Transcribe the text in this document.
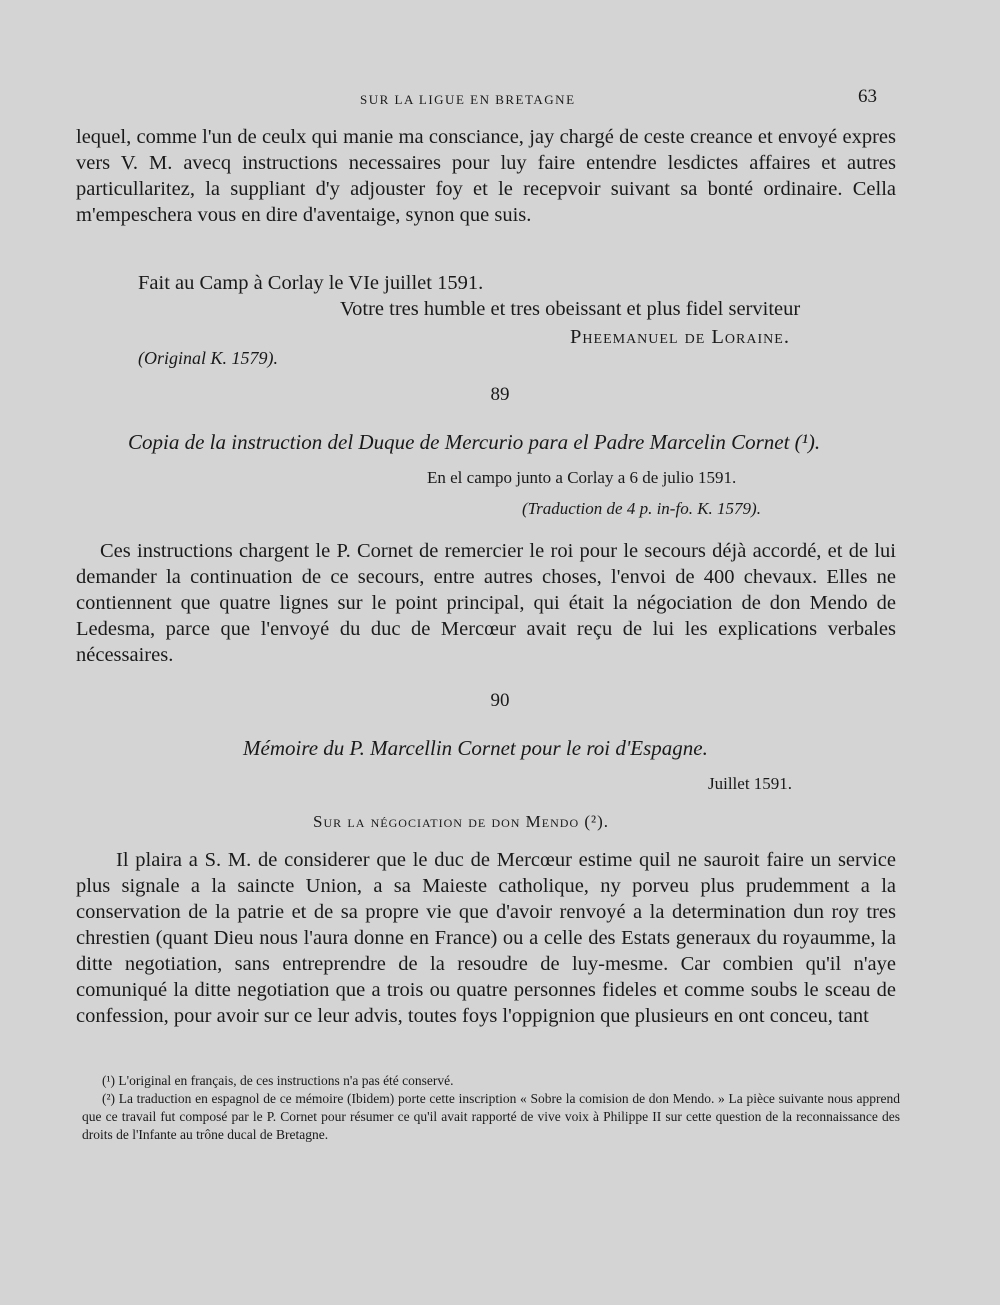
SUR LA LIGUE EN BRETAGNE	63

lequel, comme l'un de ceulx qui manie ma consciance, jay chargé de ceste creance et envoyé expres vers V. M. avecq instructions necessaires pour luy faire entendre lesdictes affaires et autres particullaritez, la suppliant d'y adjouster foy et le recepvoir suivant sa bonté ordinaire. Cella m'empeschera vous en dire d'aventaige, synon que suis.

Fait au Camp à Corlay le VIe juillet 1591.
Votre tres humble et tres obeissant et plus fidel serviteur
Pheemanuel de Loraine.
(Original K. 1579).
89
Copia de la instruction del Duque de Mercurio para el Padre Marcelin Cornet (¹).
En el campo junto a Corlay a 6 de julio 1591.
(Traduction de 4 p. in-fo. K. 1579).

Ces instructions chargent le P. Cornet de remercier le roi pour le secours déjà accordé, et de lui demander la continuation de ce secours, entre autres choses, l'envoi de 400 chevaux. Elles ne contiennent que quatre lignes sur le point principal, qui était la négociation de don Mendo de Ledesma, parce que l'envoyé du duc de Mercœur avait reçu de lui les explications verbales nécessaires.

90
Mémoire du P. Marcellin Cornet pour le roi d'Espagne.
Juillet 1591.
Sur la négociation de don Mendo (²).

Il plaira a S. M. de considerer que le duc de Mercœur estime quil ne sauroit faire un service plus signale a la saincte Union, a sa Maieste catholique, ny porveu plus prudemment a la conservation de la patrie et de sa propre vie que d'avoir renvoyé a la determination dun roy tres chrestien (quant Dieu nous l'aura donne en France) ou a celle des Estats generaux du royaumme, la ditte negotiation, sans entreprendre de la resoudre de luy-mesme. Car combien qu'il n'aye comuniqué la ditte negotiation que a trois ou quatre personnes fideles et comme soubs le sceau de confession, pour avoir sur ce leur advis, toutes foys l'oppignion que plusieurs en ont conceu, tant

(¹) L'original en français, de ces instructions n'a pas été conservé.

(²) La traduction en espagnol de ce mémoire (Ibidem) porte cette inscription « Sobre la comision de don Mendo. » La pièce suivante nous apprend que ce travail fut composé par le P. Cornet pour résumer ce qu'il avait rapporté de vive voix à Philippe II sur cette question de la reconnaissance des droits de l'Infante au trône ducal de Bretagne.
